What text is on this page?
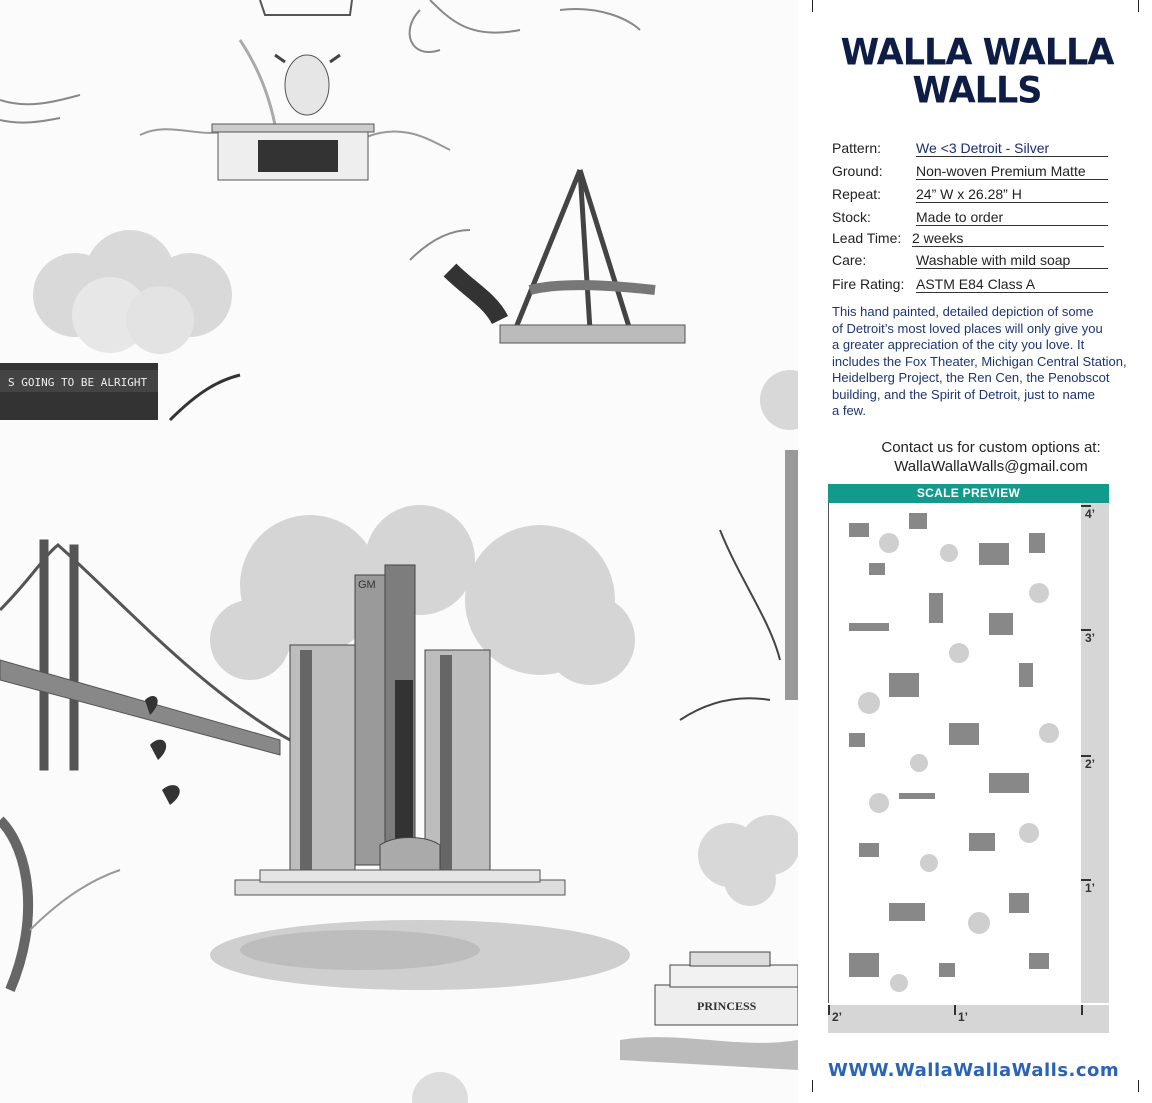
S GOING TO BE ALRIGHT
GM
PRINCESS
WALLA WALLA
WALLS
Pattern: We <3 Detroit - Silver
Ground: Non-woven Premium Matte
Repeat: 24” W x 26.28” H
Stock:	Made to order
Lead Time: 2 weeks
Care:	Washable with mild soap
Fire Rating: ASTM E84 Class A
This hand painted, detailed depiction of some
of Detroit’s most loved places will only give you
a greater appreciation of the city you love. It
includes the Fox Theater, Michigan Central Station,
Heidelberg Project, the Ren Cen, the Penobscot
building, and the Spirit of Detroit, just to name
a few.
Contact us for custom options at:
WallaWallaWalls@gmail.com
SCALE PREVIEW
4’
3’
2’
1’
2’	1’
WWW.WallaWallaWalls.com
